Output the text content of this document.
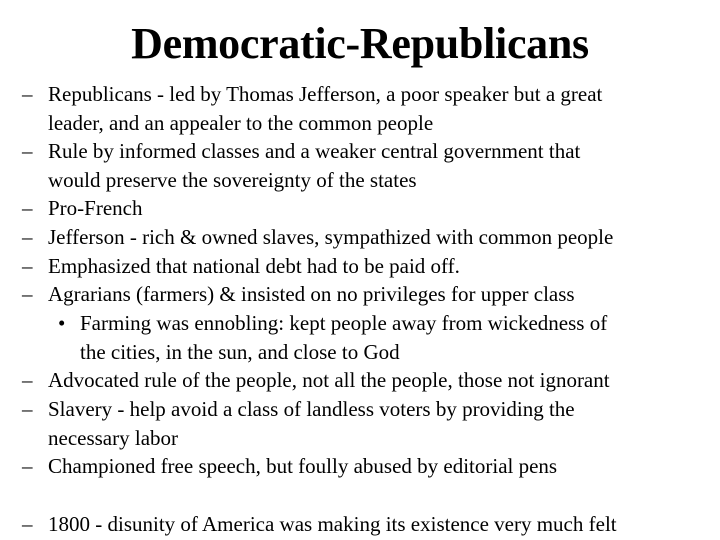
Democratic-Republicans
– Republicans - led by Thomas Jefferson, a poor speaker but a great
leader, and an appealer to the common people
– Rule by informed classes and a weaker central government that
would preserve the sovereignty of the states
– Pro-French
– Jefferson - rich & owned slaves, sympathized with common people
– Emphasized that national debt had to be paid off.
– Agrarians (farmers) & insisted on no privileges for upper class
• Farming was ennobling: kept people away from wickedness of
the cities, in the sun, and close to God
– Advocated rule of the people, not all the people, those not ignorant
– Slavery - help avoid a class of landless voters by providing the
necessary labor
– Championed free speech, but foully abused by editorial pens
– 1800 - disunity of America was making its existence very much felt
